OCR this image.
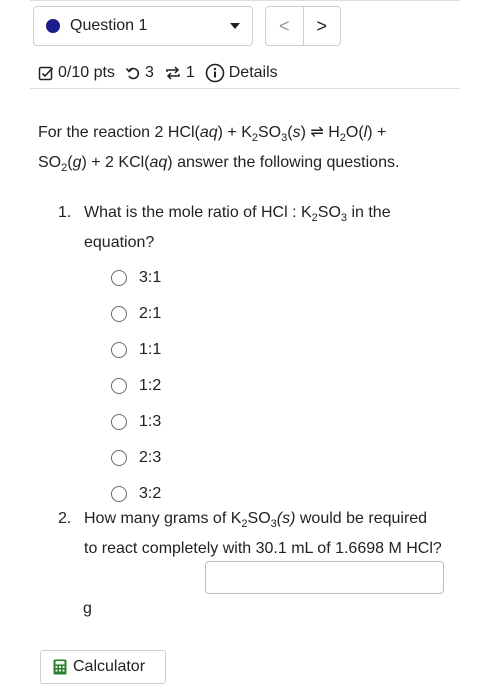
Question 1	<	>
0/10 pts 3 1 Details
For the reaction 2 $HCl(aq) + K_2SO_3(s)$ ⇌ $H_2O(l)$ +
$SO_2(g) + 2$ KCl(aq) answer the following questions.
1. What is the mole ratio of HCl : $K_2SO_3$ in the equation?
3:1
2:1
1:1
1:2
1:3
2:3
3:2
2. How many grams of $K_2SO_3(s)$ would be required to react completely with 30.1 mL of 1.6698 M HCl?
g
Calculator
